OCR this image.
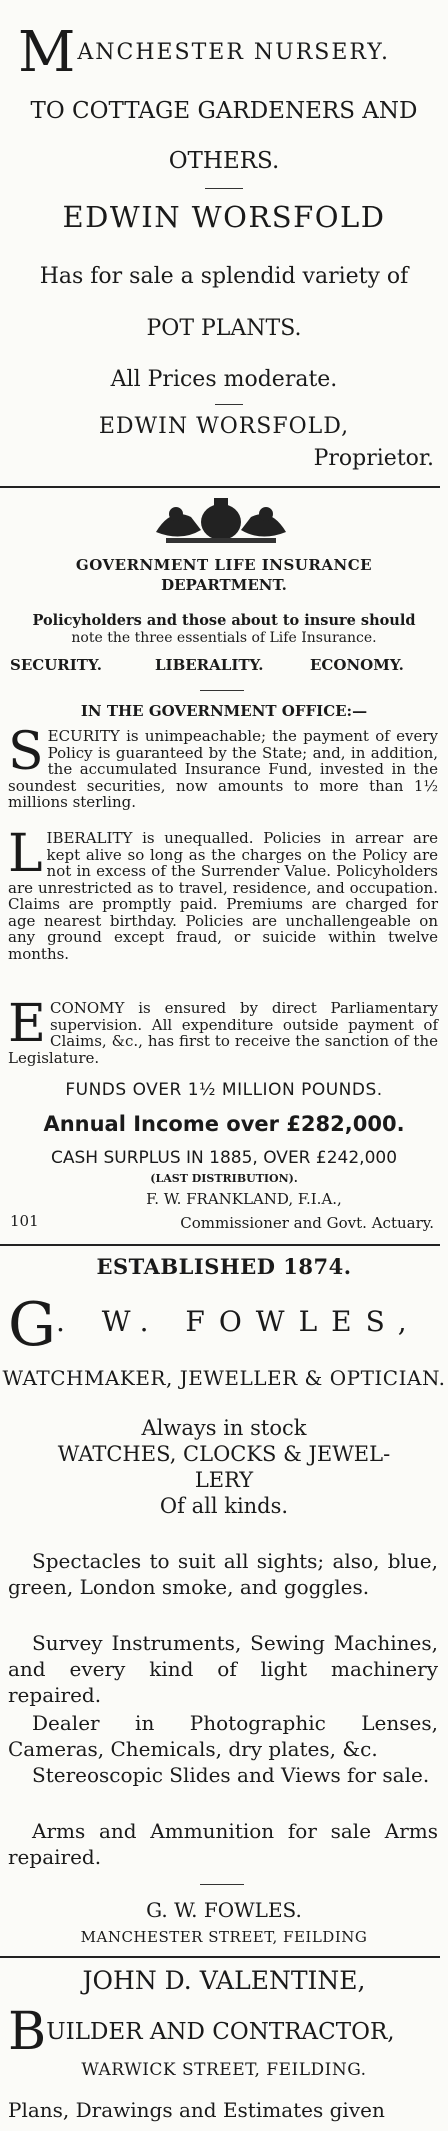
MANCHESTER NURSERY.
TO COTTAGE GARDENERS AND
OTHERS.
EDWIN WORSFOLD
Has for sale a splendid variety of
POT PLANTS.
All Prices moderate.
EDWIN WORSFOLD,
Proprietor.
GOVERNMENT LIFE INSURANCE
DEPARTMENT.
Policyholders and those about to insure should
note the three essentials of Life Insurance.
SECURITY.	LIBERALITY.	ECONOMY.
IN THE GOVERNMENT OFFICE:—
SECURITY is unimpeachable; the payment of every Policy is guaranteed by the State; and, in addition, the accumulated Insurance Fund, invested in the soundest securities, now amounts to more than 1½ millions sterling.
LIBERALITY is unequalled. Policies in arrear are kept alive so long as the charges on the Policy are not in excess of the Surrender Value. Policyholders are unrestricted as to travel, residence, and occupation. Claims are promptly paid. Premiums are charged for age nearest birthday. Policies are unchallengeable on any ground except fraud, or suicide within twelve months.
ECONOMY is ensured by direct Parliamentary supervision. All expenditure outside payment of Claims, &c., has first to receive the sanction of the Legislature.
FUNDS OVER 1½ MILLION POUNDS.
Annual Income over £282,000.
CASH SURPLUS IN 1885, OVER £242,000
(LAST DISTRIBUTION).
F. W. FRANKLAND, F.I.A.,
101	Commissioner and Govt. Actuary.
ESTABLISHED 1874.
G. W. FOWLES,
WATCHMAKER, JEWELLER & OPTICIAN.
Always in stock
WATCHES, CLOCKS & JEWEL-
LERY
Of all kinds.
Spectacles to suit all sights; also, blue, green, London smoke, and goggles.
Survey Instruments, Sewing Machines, and every kind of light machinery repaired.
Dealer in Photographic Lenses, Cameras, Chemicals, dry plates, &c.
Stereoscopic Slides and Views for sale.
Arms and Ammunition for sale Arms repaired.
G. W. FOWLES.
MANCHESTER STREET, FEILDING
JOHN D. VALENTINE,
BUILDER AND CONTRACTOR,
WARWICK STREET, FEILDING.
Plans, Drawings and Estimates given
